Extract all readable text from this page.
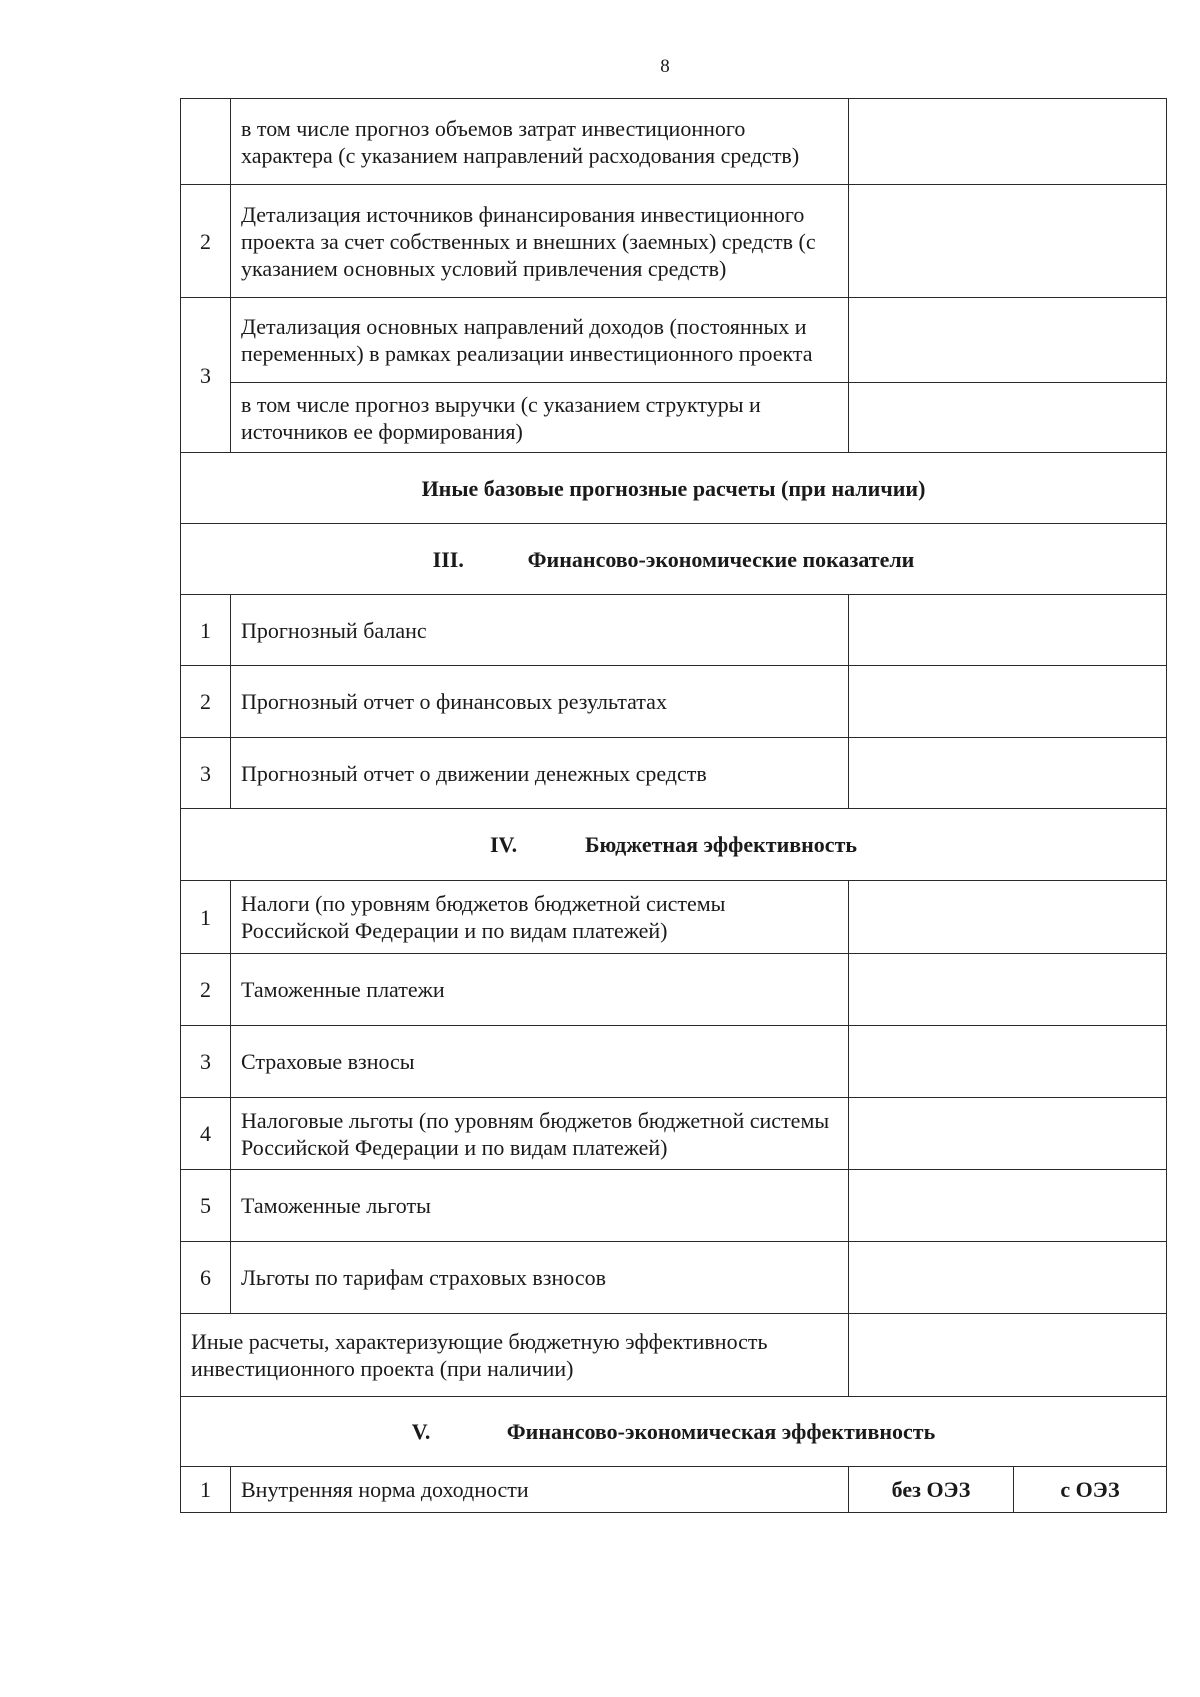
8
	в том числе прогноз объемов затрат инвестиционного характера (с указанием направлений расходования средств)		
2	Детализация источников финансирования инвестиционного проекта за счет собственных и внешних (заемных) средств (с указанием основных условий привлечения средств)		
3	Детализация основных направлений доходов (постоянных и переменных) в рамках реализации инвестиционного проекта		
	в том числе прогноз выручки (с указанием структуры и источников ее формирования)		
Иные базовые прогнозные расчеты (при наличии)			
III. Финансово-экономические показатели			
1	Прогнозный баланс		
2	Прогнозный отчет о финансовых результатах		
3	Прогнозный отчет о движении денежных средств		
IV. Бюджетная эффективность			
1	Налоги (по уровням бюджетов бюджетной системы Российской Федерации и по видам платежей)		
2	Таможенные платежи		
3	Страховые взносы		
4	Налоговые льготы (по уровням бюджетов бюджетной системы Российской Федерации и по видам платежей)		
5	Таможенные льготы		
6	Льготы по тарифам страховых взносов		
Иные расчеты, характеризующие бюджетную эффективность инвестиционного проекта (при наличии)			
V. Финансово-экономическая эффективность			
1	Внутренняя норма доходности	без ОЭЗ	с ОЭЗ
